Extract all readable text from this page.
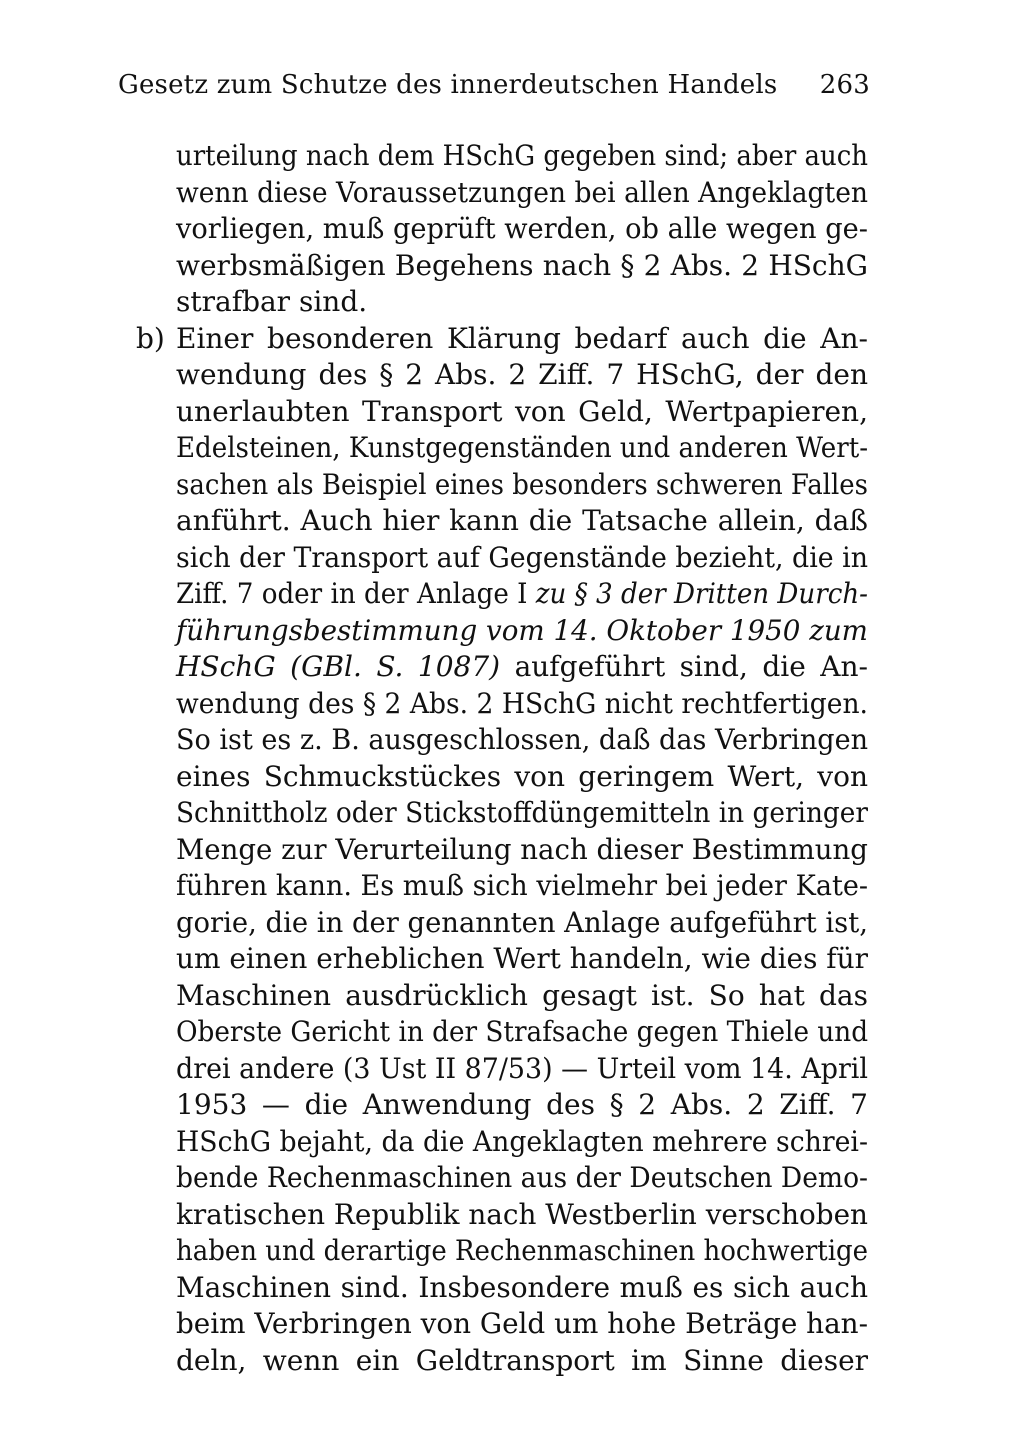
Gesetz zum Schutze des innerdeutschen Handels 263
urteilung nach dem HSchG gegeben sind; aber auch
wenn diese Voraussetzungen bei allen Angeklagten
vorliegen, muß geprüft werden, ob alle wegen ge-
werbsmäßigen Begehens nach § 2 Abs. 2 HSchG
strafbar sind.
b) Einer besonderen Klärung bedarf auch die An-
wendung des § 2 Abs. 2 Ziff. 7 HSchG, der den
unerlaubten Transport von Geld, Wertpapieren,
Edelsteinen, Kunstgegenständen und anderen Wert-
sachen als Beispiel eines besonders schweren Falles
anführt. Auch hier kann die Tatsache allein, daß
sich der Transport auf Gegenstände bezieht, die in
Ziff. 7 oder in der Anlage I zu § 3 der Dritten Durch-
führungsbestimmung vom 14. Oktober 1950 zum
HSchG (GBl. S. 1087) aufgeführt sind, die An-
wendung des § 2 Abs. 2 HSchG nicht rechtfertigen.
So ist es z. B. ausgeschlossen, daß das Verbringen
eines Schmuckstückes von geringem Wert, von
Schnittholz oder Stickstoffdüngemitteln in geringer
Menge zur Verurteilung nach dieser Bestimmung
führen kann. Es muß sich vielmehr bei jeder Kate-
gorie, die in der genannten Anlage aufgeführt ist,
um einen erheblichen Wert handeln, wie dies für
Maschinen ausdrücklich gesagt ist. So hat das
Oberste Gericht in der Strafsache gegen Thiele und
drei andere (3 Ust II 87/53) — Urteil vom 14. April
1953 — die Anwendung des § 2 Abs. 2 Ziff. 7
HSchG bejaht, da die Angeklagten mehrere schrei-
bende Rechenmaschinen aus der Deutschen Demo-
kratischen Republik nach Westberlin verschoben
haben und derartige Rechenmaschinen hochwertige
Maschinen sind. Insbesondere muß es sich auch
beim Verbringen von Geld um hohe Beträge han-
deln, wenn ein Geldtransport im Sinne dieser
